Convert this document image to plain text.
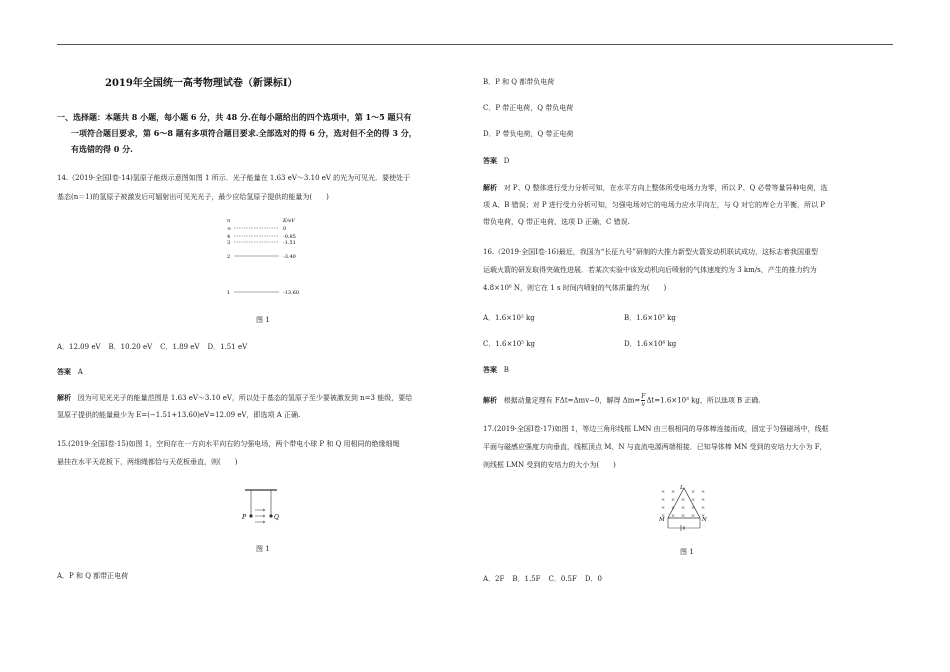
2019年全国统一高考物理试卷（新课标Ⅰ）
一、选择题：本题共 8 小题，每小题 6 分，共 48 分.在每小题给出的四个选项中，第 1～5 题只有
一项符合题目要求，第 6～8 题有多项符合题目要求.全部选对的得 6 分，选对但不全的得 3 分，
有选错的得 0 分.
14.（2019·全国Ⅰ卷·14)氢原子能级示意图如图 1 所示．光子能量在 1.63 eV～3.10 eV 的光为可见光．要使处于
基态(n＝1)的氢原子被激发后可辐射出可见光光子，最少应给氢原子提供的能量为(　　)
n	E/eV
∞	0
4	-0.85
3	-1.51
2	-3.40
1	-13.60
图 1
A．12.09 eV B．10.20 eV C．1.89 eV D．1.51 eV
答案 A
解析 因为可见光光子的能量范围是 1.63 eV～3.10 eV，所以处于基态的氢原子至少要被激发到 n=3 能级，要给
氢原子提供的能量最少为 E=(−1.51+13.60)eV=12.09 eV，即选项 A 正确.
15.(2019·全国Ⅰ卷·15)如图 1，空间存在一方向水平向右的匀强电场，两个带电小球 P 和 Q 用相同的绝缘细绳
悬挂在水平天花板下，两细绳都恰与天花板垂直，则(　　)
P	Q
图 1
A．P 和 Q 都带正电荷
B．P 和 Q 都带负电荷
C．P 带正电荷，Q 带负电荷
D．P 带负电荷，Q 带正电荷
答案 D
解析 对 P、Q 整体进行受力分析可知，在水平方向上整体所受电场力为零，所以 P、Q 必带等量异种电荷，选
项 A、B 错误；对 P 进行受力分析可知，匀强电场对它的电场力应水平向左，与 Q 对它的库仑力平衡，所以 P
带负电荷，Q 带正电荷，选项 D 正确，C 错误.
16.（2019·全国Ⅰ卷·16)最近，我国为“长征九号”研制的大推力新型火箭发动机联试成功，这标志着我国重型
运载火箭的研发取得突破性进展．若某次实验中该发动机向后喷射的气体速度约为 3 km/s，产生的推力约为
4.8×10⁶ N，则它在 1 s 时间内喷射的气体质量约为(　　)
A．1.6×10² kg	B．1.6×10³ kg
C．1.6×10⁵ kg	D．1.6×10⁶ kg
答案 B
解析 根据动量定理有 FΔt=Δmv−0，解得 $\Delta m= \frac{F}{v} \Delta t=1.6\times 10^3$ kg，所以选项 B 正确.
17.(2019·全国Ⅰ卷·17)如图 1，等边三角形线框 LMN 由三根相同的导体棒连接而成，固定于匀强磁场中，线框
平面与磁感应强度方向垂直，线框顶点 M、N 与直流电源两端相接．已知导体棒 MN 受到的安培力大小为 F，
则线框 LMN 受到的安培力的大小为(　　)
× ×	× ×
× × × × ×
× × × × ×
× × × × ×
L
M	N
图 1
A．2F B．1.5F C．0.5F D．0
